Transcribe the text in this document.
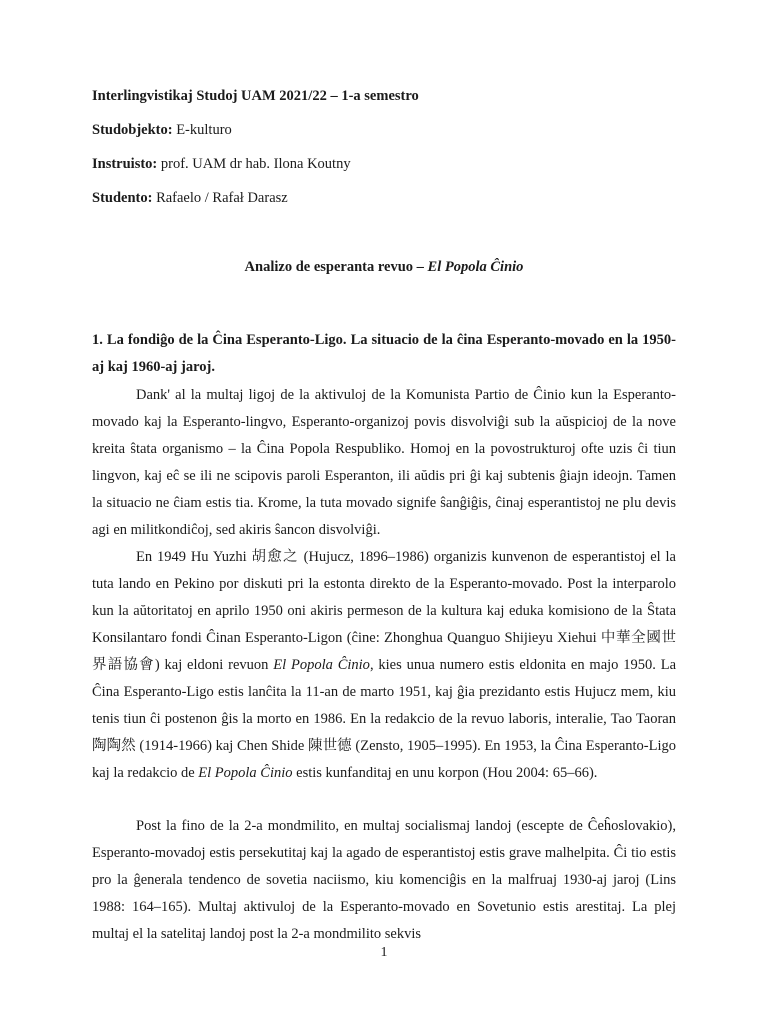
Interlingvistikaj Studoj UAM 2021/22 – 1-a semestro
Studobjekto: E-kulturo
Instruisto: prof. UAM dr hab. Ilona Koutny
Studento: Rafaelo / Rafał Darasz
Analizo de esperanta revuo – El Popola Ĉinio
1. La fondiĝo de la Ĉina Esperanto-Ligo. La situacio de la ĉina Esperanto-movado en la 1950-aj kaj 1960-aj jaroj.

Dank' al la multaj ligoj de la aktivuloj de la Komunista Partio de Ĉinio kun la Esperanto-movado kaj la Esperanto-lingvo, Esperanto-organizoj povis disvolviĝi sub la aŭspicioj de la nove kreita ŝtata organismo – la Ĉina Popola Respubliko. Homoj en la povostrukturoj ofte uzis ĉi tiun lingvon, kaj eĉ se ili ne scipovis paroli Esperanton, ili aŭdis pri ĝi kaj subtenis ĝiajn ideojn. Tamen la situacio ne ĉiam estis tia. Krome, la tuta movado signife ŝanĝiĝis, ĉinaj esperantistoj ne plu devis agi en militkondiĉoj, sed akiris ŝancon disvolviĝi.

En 1949 Hu Yuzhi 胡愈之 (Hujucz, 1896–1986) organizis kunvenon de esperantistoj el la tuta lando en Pekino por diskuti pri la estonta direkto de la Esperanto-movado. Post la interparolo kun la aŭtoritatoj en aprilo 1950 oni akiris permeson de la kultura kaj eduka komisiono de la Ŝtata Konsilantaro fondi Ĉinan Esperanto-Ligon (ĉine: Zhonghua Quanguo Shijieyu Xiehui 中華全國世界語協會) kaj eldoni revuon El Popola Ĉinio, kies unua numero estis eldonita en majo 1950. La Ĉina Esperanto-Ligo estis lanĉita la 11-an de marto 1951, kaj ĝia prezidanto estis Hujucz mem, kiu tenis tiun ĉi postenon ĝis la morto en 1986. En la redakcio de la revuo laboris, interalie, Tao Taoran 陶陶然 (1914-1966) kaj Chen Shide 陳世德 (Zensto, 1905–1995). En 1953, la Ĉina Esperanto-Ligo kaj la redakcio de El Popola Ĉinio estis kunfanditaj en unu korpon (Hou 2004: 65–66).

Post la fino de la 2-a mondmilito, en multaj socialismaj landoj (escepte de Ĉeĥoslovakio), Esperanto-movadoj estis persekutitaj kaj la agado de esperantistoj estis grave malhelpita. Ĉi tio estis pro la ĝenerala tendenco de sovetia naciismo, kiu komenciĝis en la malfruaj 1930-aj jaroj (Lins 1988: 164–165). Multaj aktivuloj de la Esperanto-movado en Sovetunio estis arestitaj. La plej multaj el la satelitaj landoj post la 2-a mondmilito sekvis

1
